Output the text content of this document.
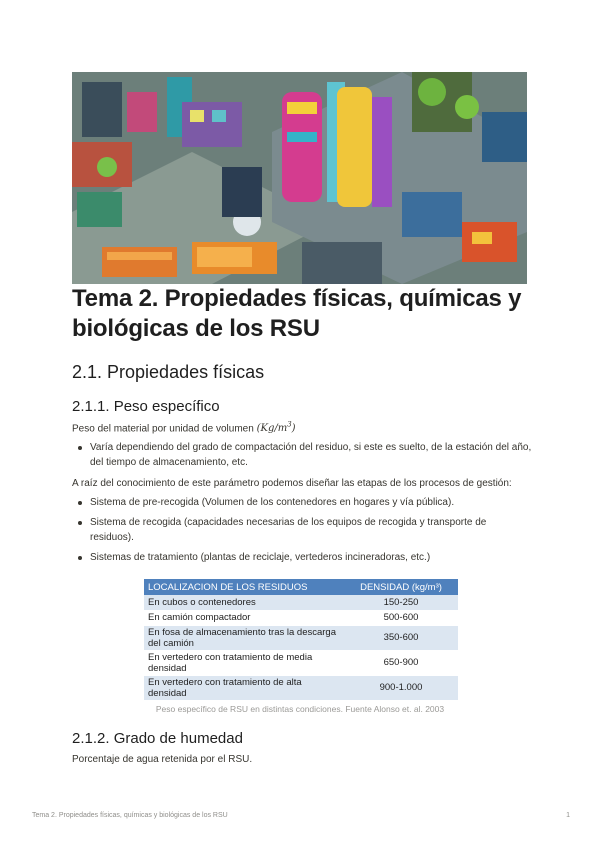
Tema 2. Propiedades físicas, químicas y biológicas de los RSU
2.1. Propiedades físicas
2.1.1. Peso específico
Peso del material por unidad de volumen $(Kg/m^3)$
Varía dependiendo del grado de compactación del residuo, si este es suelto, de la estación del año, del tiempo de almacenamiento, etc.
A raíz del conocimiento de este parámetro podemos diseñar las etapas de los procesos de gestión:
Sistema de pre-recogida (Volumen de los contenedores en hogares y vía pública).
Sistema de recogida (capacidades necesarias de los equipos de recogida y transporte de residuos).
Sistemas de tratamiento (plantas de reciclaje, vertederos incineradoras, etc.)
LOCALIZACION DE LOS RESIDUOS	DENSIDAD (kg/m³)
En cubos o contenedores	150-250
En camión compactador	500-600
En fosa de almacenamiento tras la descarga del camión	350-600
En vertedero con tratamiento de media densidad	650-900
En vertedero con tratamiento de alta densidad	900-1.000
Peso específico de RSU en distintas condiciones. Fuente Alonso et. al. 2003
2.1.2. Grado de humedad
Porcentaje de agua retenida por el RSU.
Tema 2. Propiedades físicas, químicas y biológicas de los RSU	1
